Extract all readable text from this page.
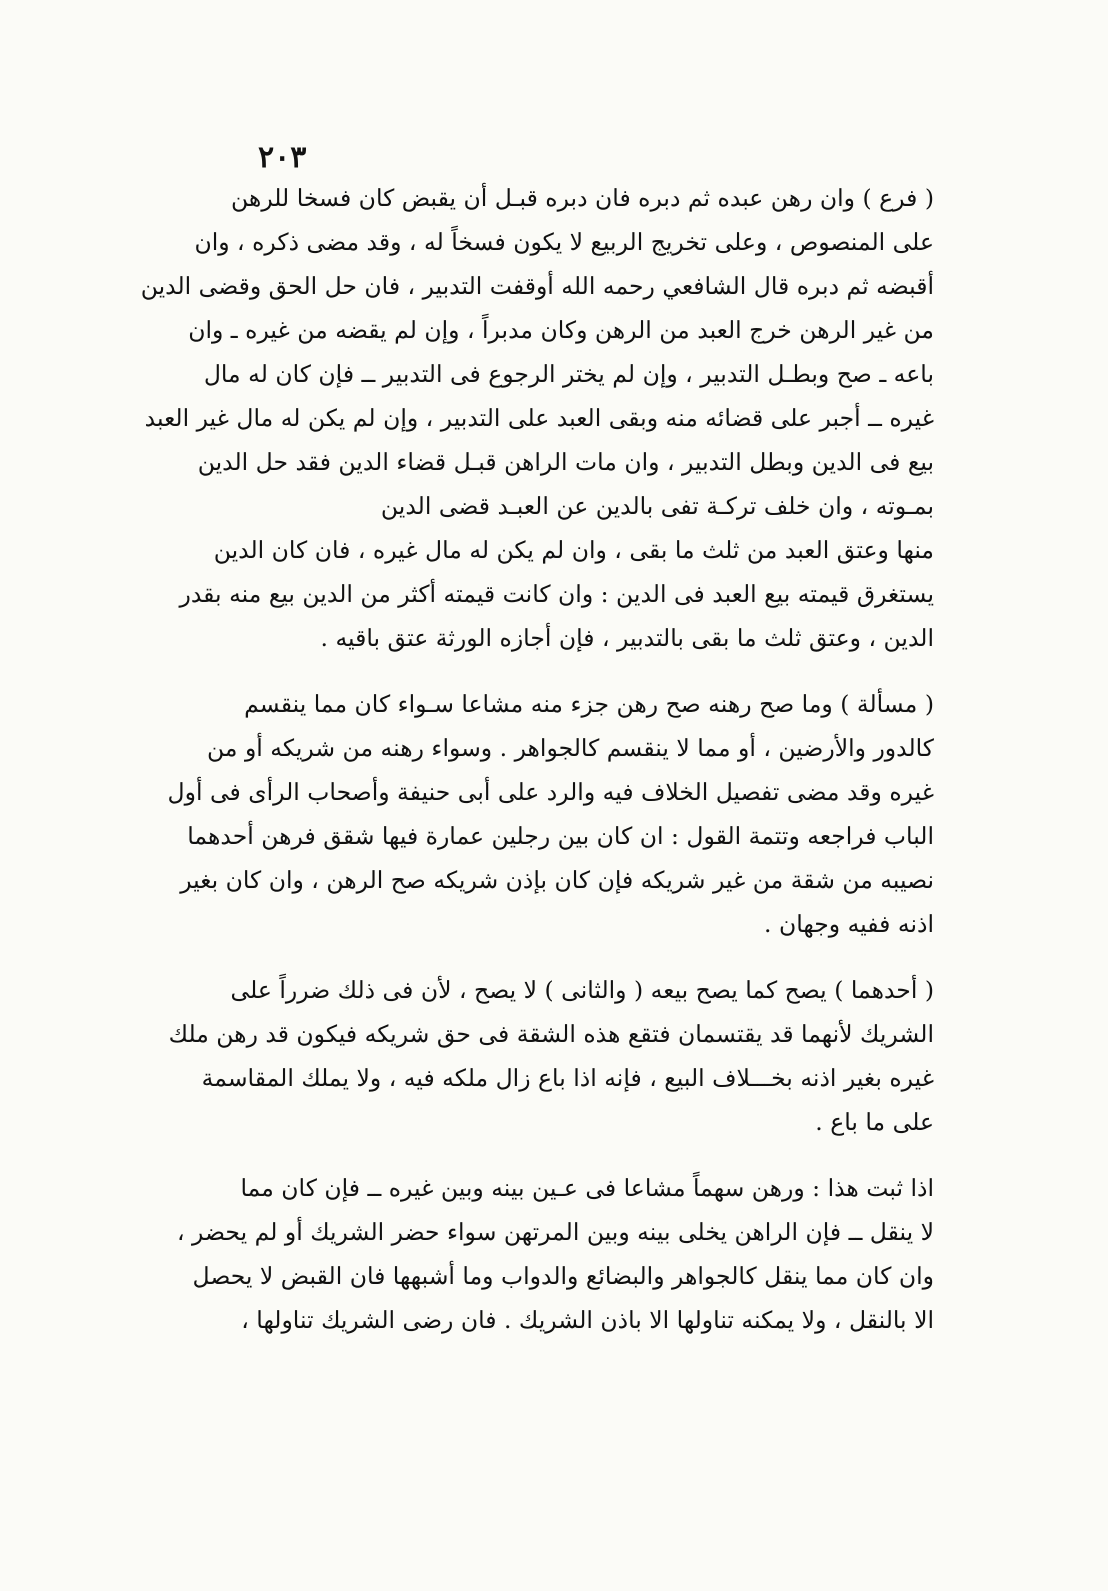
٢٠٣

( فرع ) وان رهن عبده ثم دبره فان دبره قبـل أن يقبض كان فسخا للرهن
على المنصوص ، وعلى تخريج الربيع لا يكون فسخاً له ، وقد مضى ذكره ، وان
أقبضه ثم دبره قال الشافعي رحمه الله أوقفت التدبير ، فان حل الحق وقضى الدين
من غير الرهن خرج العبد من الرهن وكان مدبراً ، وإن لم يقضه من غيره ـ وان
باعه ـ صح وبطـل التدبير ، وإن لم يختر الرجوع فى التدبير ــ فإن كان له مال
غيره ــ أجبر على قضائه منه وبقى العبد على التدبير ، وإن لم يكن له مال غير العبد
بيع فى الدين وبطل التدبير ، وان مات الراهن قبـل قضاء الدين فقد حل الدين
بمـوته ، وان خلف تركـة تفى بالدين عن العبـد قضى الدين
منها وعتق العبد من ثلث ما بقى ، وان لم يكن له مال غيره ، فان كان الدين
يستغرق قيمته بيع العبد فى الدين : وان كانت قيمته أكثر من الدين بيع منه بقدر
الدين ، وعتق ثلث ما بقى بالتدبير ، فإن أجازه الورثة عتق باقيه .

( مسألة ) وما صح رهنه صح رهن جزء منه مشاعا سـواء كان مما ينقسم
كالدور والأرضين ، أو مما لا ينقسم كالجواهر . وسواء رهنه من شريكه أو من
غيره وقد مضى تفصيل الخلاف فيه والرد على أبى حنيفة وأصحاب الرأى فى أول
الباب فراجعه وتتمة القول : ان كان بين رجلين عمارة فيها شقق فرهن أحدهما
نصيبه من شقة من غير شريكه فإن كان بإذن شريكه صح الرهن ، وان كان بغير
اذنه ففيه وجهان .

( أحدهما ) يصح كما يصح بيعه ( والثانى ) لا يصح ، لأن فى ذلك ضرراً على
الشريك لأنهما قد يقتسمان فتقع هذه الشقة فى حق شريكه فيكون قد رهن ملك
غيره بغير اذنه بخـــلاف البيع ، فإنه اذا باع زال ملكه فيه ، ولا يملك المقاسمة
على ما باع .

اذا ثبت هذا : ورهن سهماً مشاعا فى عـين بينه وبين غيره ــ فإن كان مما
لا ينقل ــ فإن الراهن يخلى بينه وبين المرتهن سواء حضر الشريك أو لم يحضر ،
وان كان مما ينقل كالجواهر والبضائع والدواب وما أشبهها فان القبض لا يحصل
الا بالنقل ، ولا يمكنه تناولها الا باذن الشريك . فان رضى الشريك تناولها ،
